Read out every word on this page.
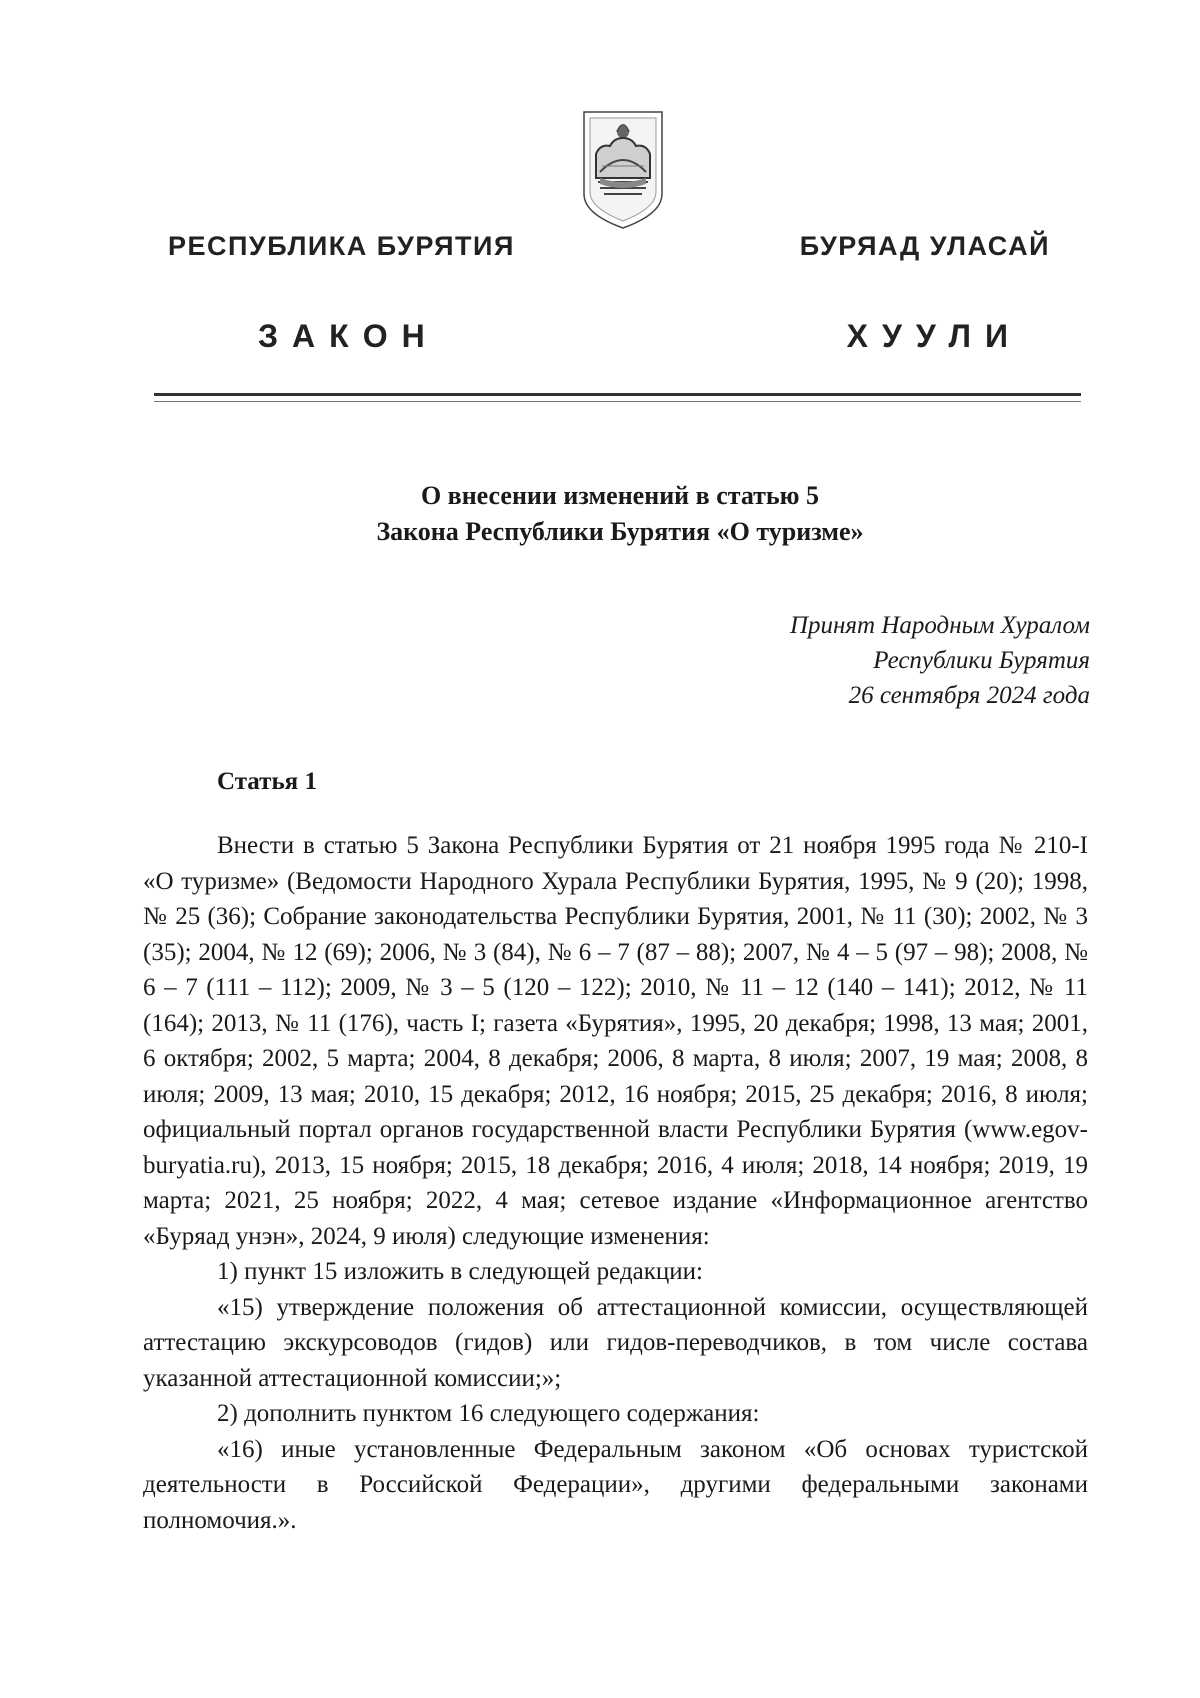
РЕСПУБЛИКА БУРЯТИЯ	БУРЯАД УЛАСАЙ

ЗАКОН	ХУУЛИ

О внесении изменений в статью 5
Закона Республики Бурятия «О туризме»

Принят Народным Хуралом
Республики Бурятия
26 сентября 2024 года

Статья 1

Внести в статью 5 Закона Республики Бурятия от 21 ноября 1995 года № 210-I «О туризме» (Ведомости Народного Хурала Республики Бурятия, 1995, № 9 (20); 1998, № 25 (36); Собрание законодательства Республики Бурятия, 2001, № 11 (30); 2002, № 3 (35); 2004, № 12 (69); 2006, № 3 (84), № 6 – 7 (87 – 88); 2007, № 4 – 5 (97 – 98); 2008, № 6 – 7 (111 – 112); 2009, № 3 – 5 (120 – 122); 2010, № 11 – 12 (140 – 141); 2012, № 11 (164); 2013, № 11 (176), часть I; газета «Бурятия», 1995, 20 декабря; 1998, 13 мая; 2001, 6 октября; 2002, 5 марта; 2004, 8 декабря; 2006, 8 марта, 8 июля; 2007, 19 мая; 2008, 8 июля; 2009, 13 мая; 2010, 15 декабря; 2012, 16 ноября; 2015, 25 декабря; 2016, 8 июля; официальный портал органов государственной власти Республики Бурятия (www.egov-buryatia.ru), 2013, 15 ноября; 2015, 18 декабря; 2016, 4 июля; 2018, 14 ноября; 2019, 19 марта; 2021, 25 ноября; 2022, 4 мая; сетевое издание «Информационное агентство «Буряад унэн», 2024, 9 июля) следующие изменения:

1) пункт 15 изложить в следующей редакции:

«15) утверждение положения об аттестационной комиссии, осуществляющей аттестацию экскурсоводов (гидов) или гидов-переводчиков, в том числе состава указанной аттестационной комиссии;»;

2) дополнить пунктом 16 следующего содержания:

«16) иные установленные Федеральным законом «Об основах туристской деятельности в Российской Федерации», другими федеральными законами полномочия.».
